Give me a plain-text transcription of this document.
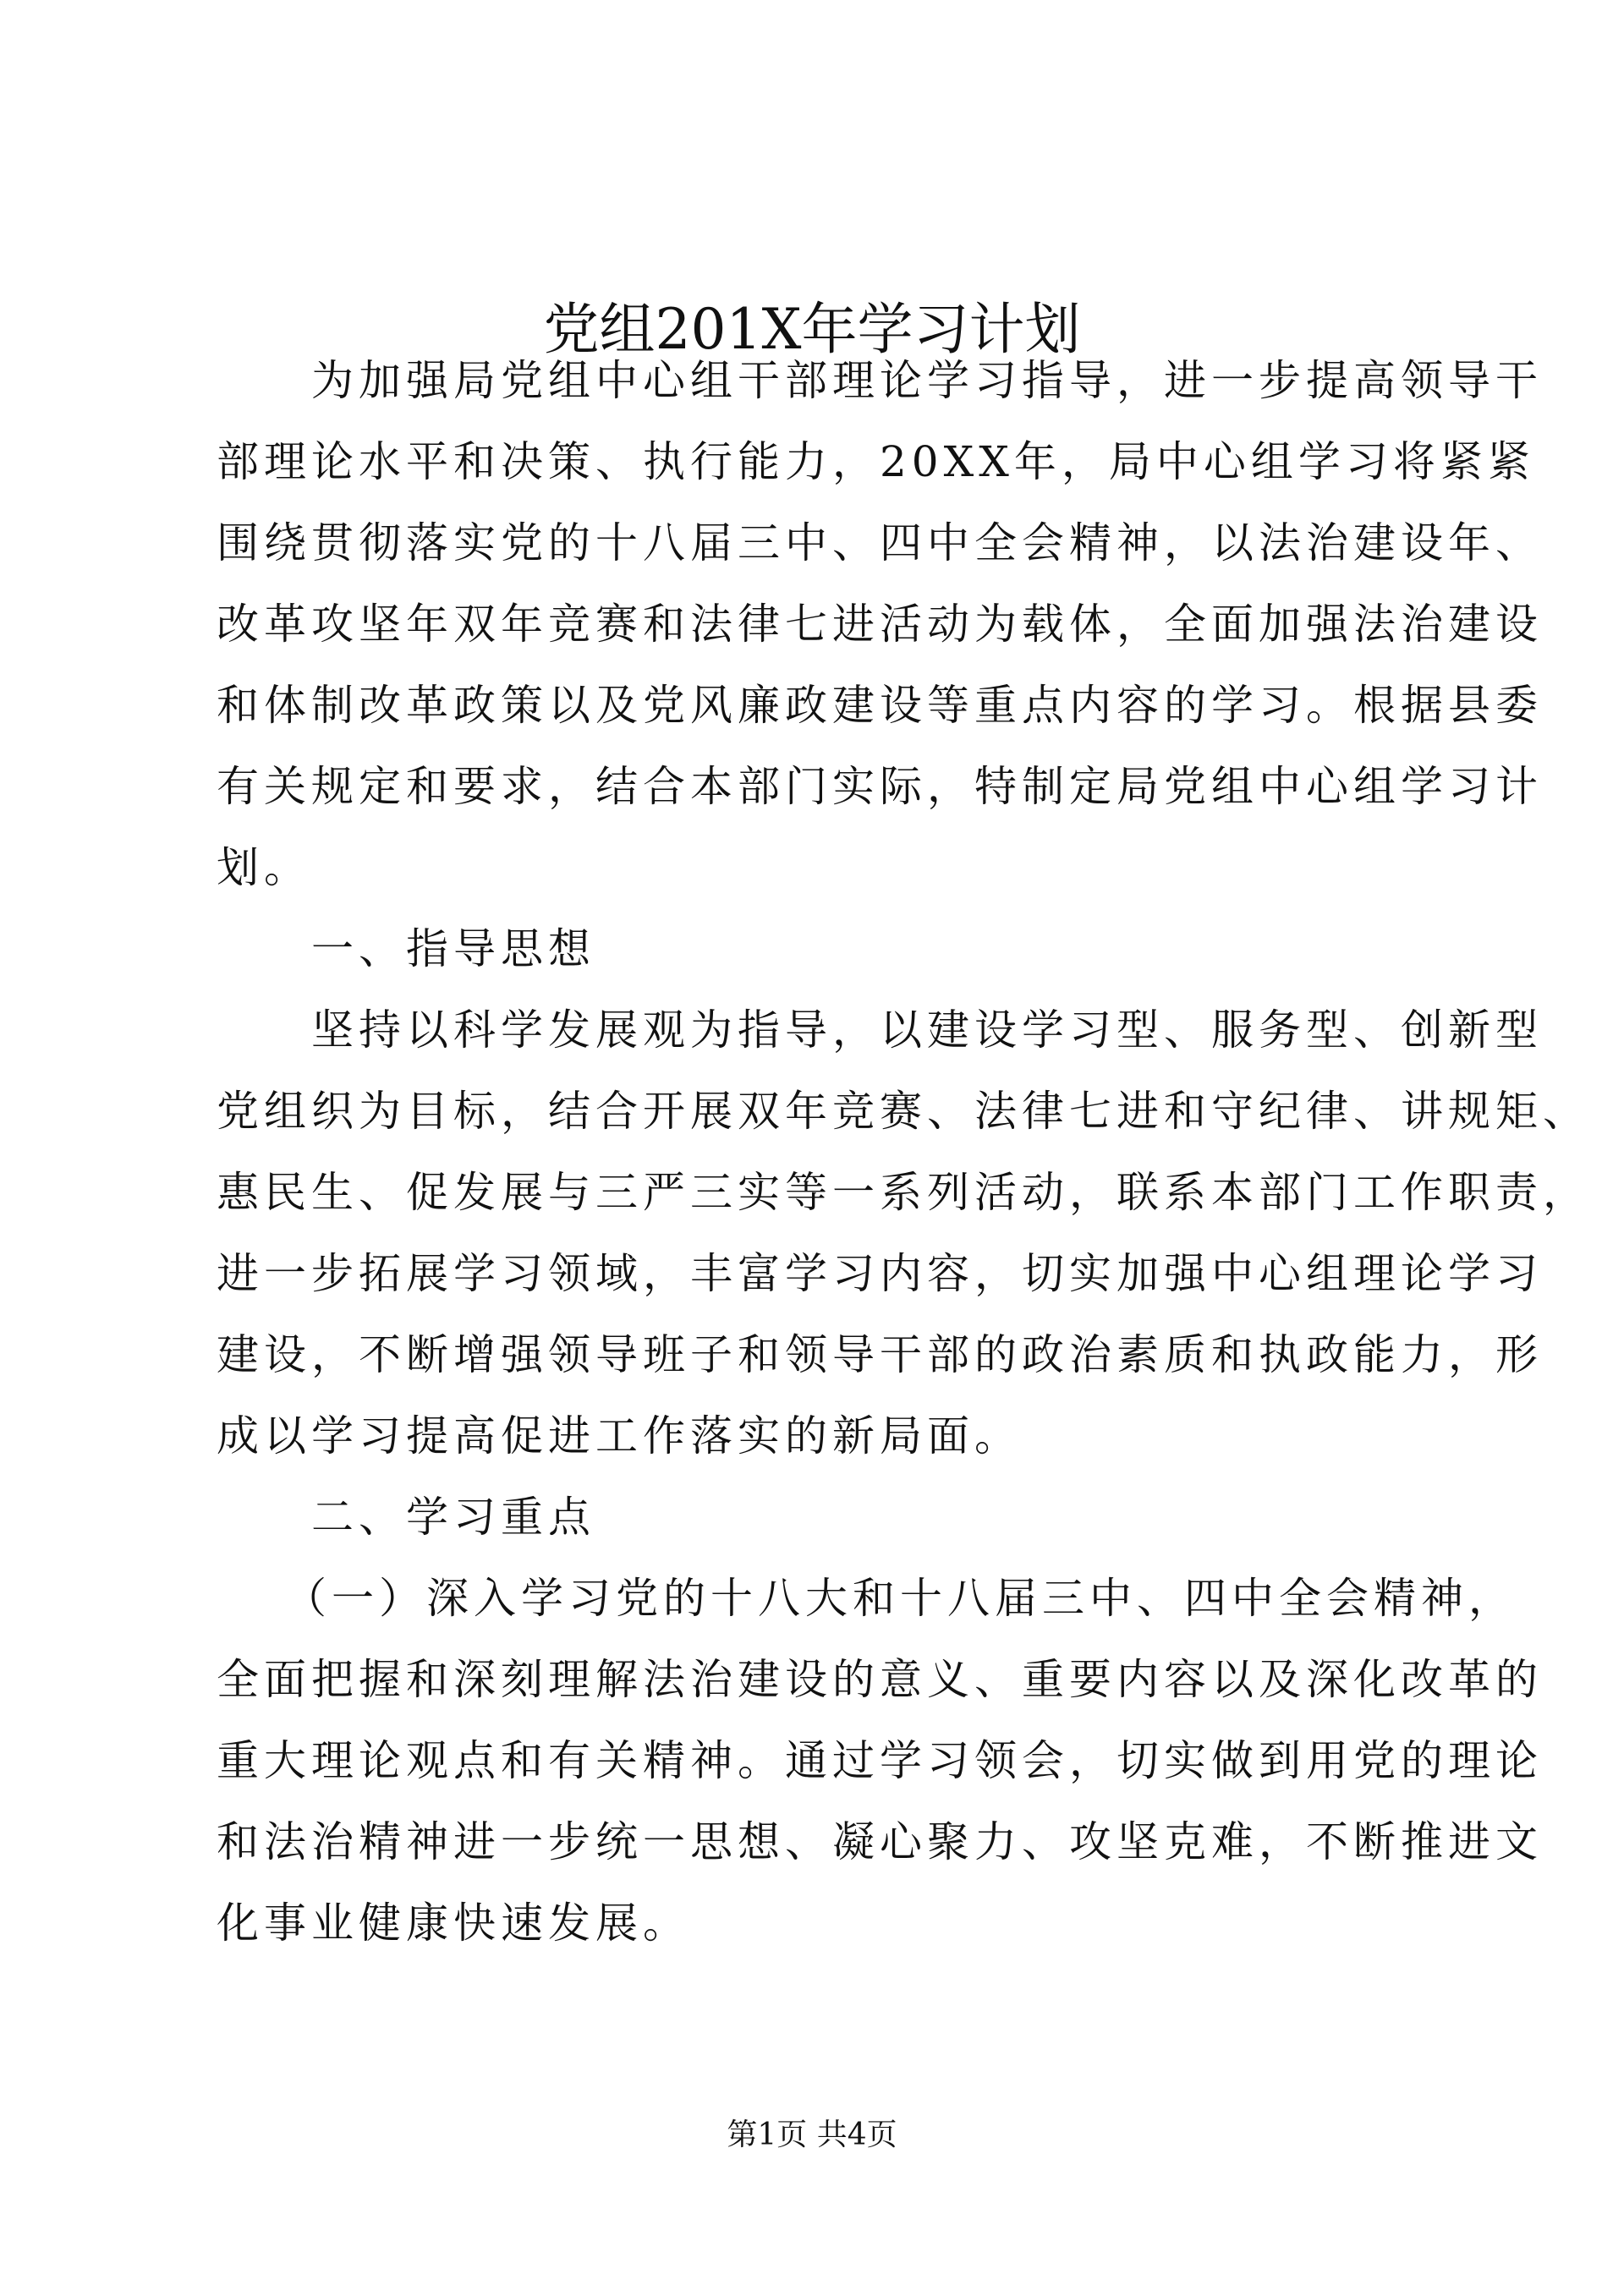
党组201X年学习计划
为加强局党组中心组干部理论学习指导，进一步提高领导干
部理论水平和决策、执行能力，20XX年，局中心组学习将紧紧
围绕贯彻落实党的十八届三中、四中全会精神，以法治建设年、
改革攻坚年双年竞赛和法律七进活动为载体，全面加强法治建设
和体制改革政策以及党风廉政建设等重点内容的学习。根据县委
有关规定和要求，结合本部门实际，特制定局党组中心组学习计
划。
一、指导思想
坚持以科学发展观为指导，以建设学习型、服务型、创新型
党组织为目标，结合开展双年竞赛、法律七进和守纪律、讲规矩、
惠民生、促发展与三严三实等一系列活动，联系本部门工作职责，
进一步拓展学习领域，丰富学习内容，切实加强中心组理论学习
建设，不断增强领导班子和领导干部的政治素质和执政能力，形
成以学习提高促进工作落实的新局面。
二、学习重点
（一）深入学习党的十八大和十八届三中、四中全会精神，
全面把握和深刻理解法治建设的意义、重要内容以及深化改革的
重大理论观点和有关精神。通过学习领会，切实做到用党的理论
和法治精神进一步统一思想、凝心聚力、攻坚克难，不断推进文
化事业健康快速发展。
第1页 共4页
